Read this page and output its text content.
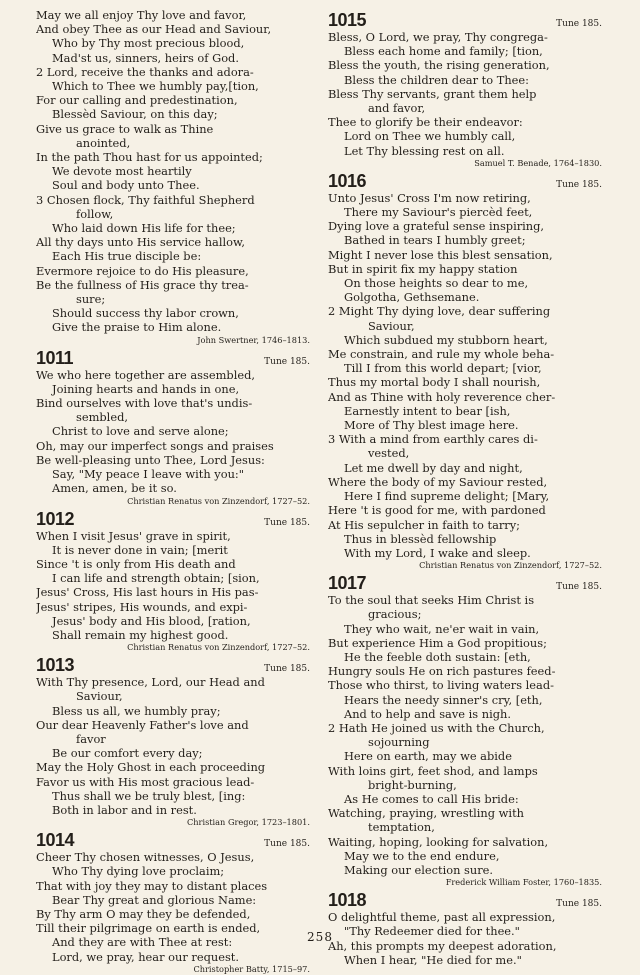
May we all enjoy Thy love and favor,
And obey Thee as our Head and Saviour,
Who by Thy most precious blood,
Mad'st us, sinners, heirs of God.
2 Lord, receive the thanks and adora-
Which to Thee we humbly pay,[tion,
For our calling and predestination,
Blessèd Saviour, on this day;
Give us grace to walk as Thine
anointed,
In the path Thou hast for us appointed;
We devote most heartily
Soul and body unto Thee.
3 Chosen flock, Thy faithful Shepherd
follow,
Who laid down His life for thee;
All thy days unto His service hallow,
Each His true disciple be:
Evermore rejoice to do His pleasure,
Be the fullness of His grace thy trea-
sure;
Should success thy labor crown,
Give the praise to Him alone.
John Swertner, 1746–1813.
1011	Tune 185.
We who here together are assembled,
Joining hearts and hands in one,
Bind ourselves with love that's undis-
sembled,
Christ to love and serve alone;
Oh, may our imperfect songs and praises
Be well-pleasing unto Thee, Lord Jesus:
Say, "My peace I leave with you:"
Amen, amen, be it so.
Christian Renatus von Zinzendorf, 1727–52.
1012	Tune 185.
When I visit Jesus' grave in spirit,
It is never done in vain; [merit
Since 't is only from His death and
I can life and strength obtain; [sion,
Jesus' Cross, His last hours in His pas-
Jesus' stripes, His wounds, and expi-
Jesus' body and His blood, [ration,
Shall remain my highest good.
Christian Renatus von Zinzendorf, 1727–52.
1013	Tune 185.
With Thy presence, Lord, our Head and
Saviour,
Bless us all, we humbly pray;
Our dear Heavenly Father's love and
favor
Be our comfort every day;
May the Holy Ghost in each proceeding
Favor us with His most gracious lead-
Thus shall we be truly blest, [ing:
Both in labor and in rest.
Christian Gregor, 1723–1801.
1014	Tune 185.
Cheer Thy chosen witnesses, O Jesus,
Who Thy dying love proclaim;
That with joy they may to distant places
Bear Thy great and glorious Name:
By Thy arm O may they be defended,
Till their pilgrimage on earth is ended,
And they are with Thee at rest:
Lord, we pray, hear our request.
Christopher Batty, 1715–97.
1015	Tune 185.
Bless, O Lord, we pray, Thy congrega-
Bless each home and family; [tion,
Bless the youth, the rising generation,
Bless the children dear to Thee:
Bless Thy servants, grant them help
and favor,
Thee to glorify be their endeavor:
Lord on Thee we humbly call,
Let Thy blessing rest on all.
Samuel T. Benade, 1764–1830.
1016	Tune 185.
Unto Jesus' Cross I'm now retiring,
There my Saviour's piercèd feet,
Dying love a grateful sense inspiring,
Bathed in tears I humbly greet;
Might I never lose this blest sensation,
But in spirit fix my happy station
On those heights so dear to me,
Golgotha, Gethsemane.
2 Might Thy dying love, dear suffering
Saviour,
Which subdued my stubborn heart,
Me constrain, and rule my whole beha-
Till I from this world depart; [vior,
Thus my mortal body I shall nourish,
And as Thine with holy reverence cher-
Earnestly intent to bear [ish,
More of Thy blest image here.
3 With a mind from earthly cares di-
vested,
Let me dwell by day and night,
Where the body of my Saviour rested,
Here I find supreme delight; [Mary,
Here 't is good for me, with pardoned
At His sepulcher in faith to tarry;
Thus in blessèd fellowship
With my Lord, I wake and sleep.
Christian Renatus von Zinzendorf, 1727–52.
1017	Tune 185.
To the soul that seeks Him Christ is
gracious;
They who wait, ne'er wait in vain,
But experience Him a God propitious;
He the feeble doth sustain: [eth,
Hungry souls He on rich pastures feed-
Those who thirst, to living waters lead-
Hears the needy sinner's cry, [eth,
And to help and save is nigh.
2 Hath He joined us with the Church,
sojourning
Here on earth, may we abide
With loins girt, feet shod, and lamps
bright-burning,
As He comes to call His bride:
Watching, praying, wrestling with
temptation,
Waiting, hoping, looking for salvation,
May we to the end endure,
Making our election sure.
Frederick William Foster, 1760–1835.
1018	Tune 185.
O delightful theme, past all expression,
"Thy Redeemer died for thee."
Ah, this prompts my deepest adoration,
When I hear, "He died for me."
258
